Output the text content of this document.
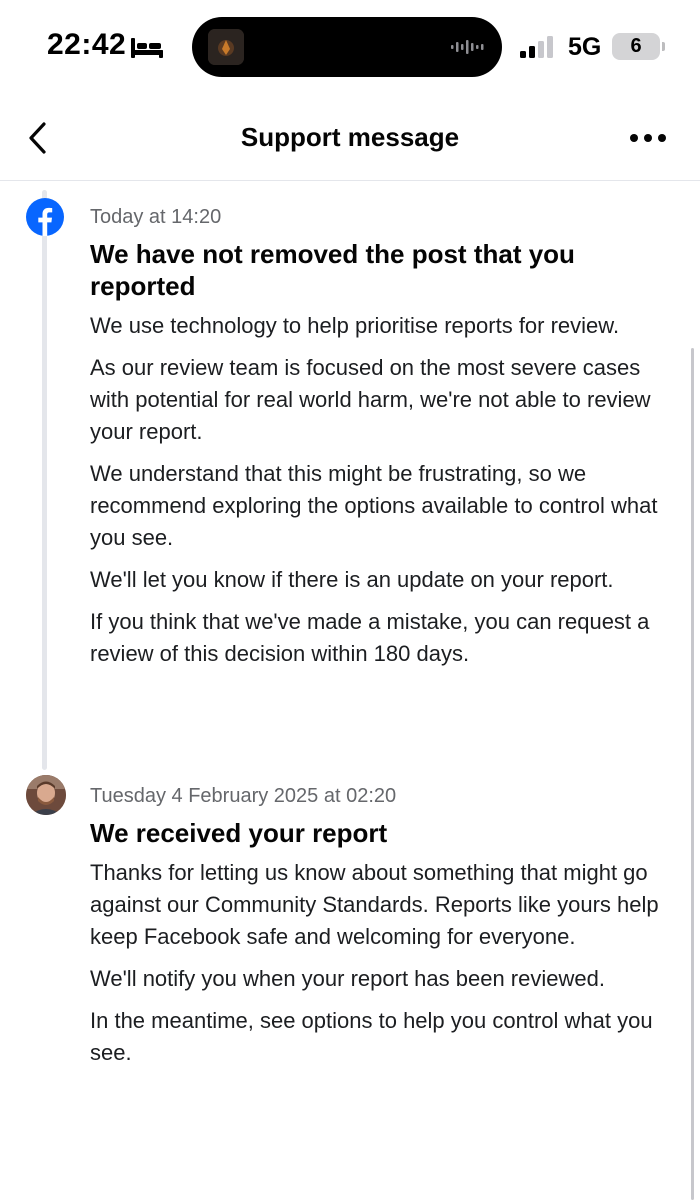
22:42	5G	6
Support message

Today at 14:20

We have not removed the post that you reported

We use technology to help prioritise reports for review.

As our review team is focused on the most severe cases with potential for real world harm, we're not able to review your report.

We understand that this might be frustrating, so we recommend exploring the options available to control what you see.

We'll let you know if there is an update on your report.

If you think that we've made a mistake, you can request a review of this decision within 180 days.

Tuesday 4 February 2025 at 02:20

We received your report

Thanks for letting us know about something that might go against our Community Standards. Reports like yours help keep Facebook safe and welcoming for everyone.

We'll notify you when your report has been reviewed.

In the meantime, see options to help you control what you see.
